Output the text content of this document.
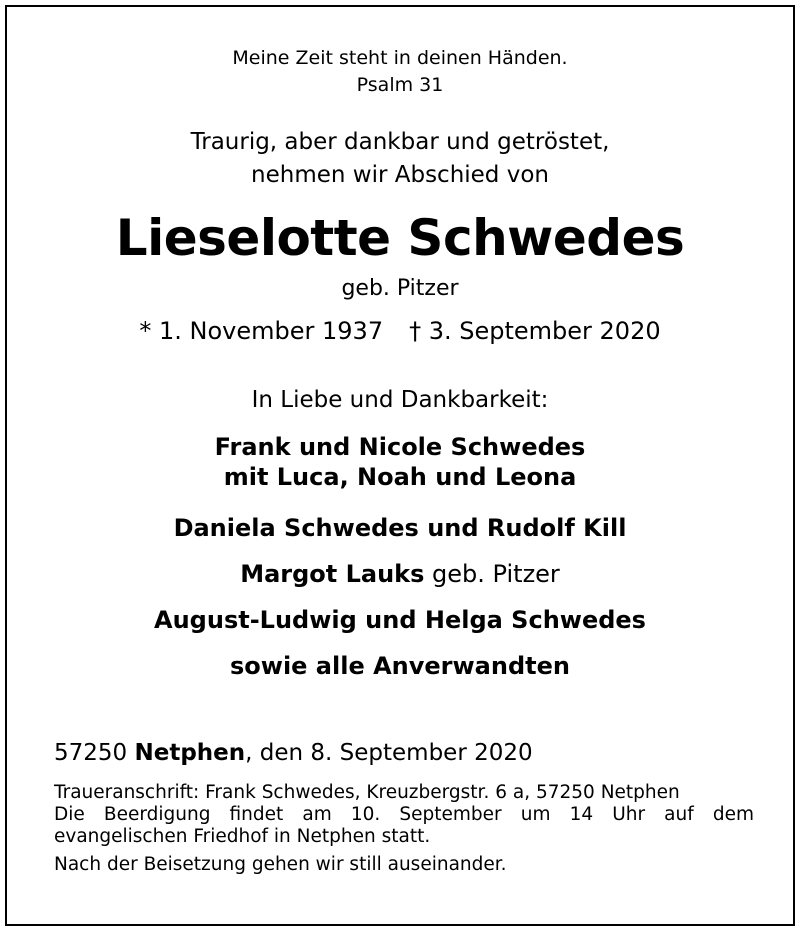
Meine Zeit steht in deinen Händen.
Psalm 31
Traurig, aber dankbar und getröstet,
nehmen wir Abschied von
Lieselotte Schwedes
geb. Pitzer
* 1. November 1937 † 3. September 2020
In Liebe und Dankbarkeit:
Frank und Nicole Schwedes
mit Luca, Noah und Leona
Daniela Schwedes und Rudolf Kill
Margot Lauks geb. Pitzer
August-Ludwig und Helga Schwedes
sowie alle Anverwandten
57250 Netphen, den 8. September 2020
Traueranschrift: Frank Schwedes, Kreuzbergstr. 6 a, 57250 Netphen
Die Beerdigung findet am 10. September um 14 Uhr auf dem
evangelischen Friedhof in Netphen statt.
Nach der Beisetzung gehen wir still auseinander.
